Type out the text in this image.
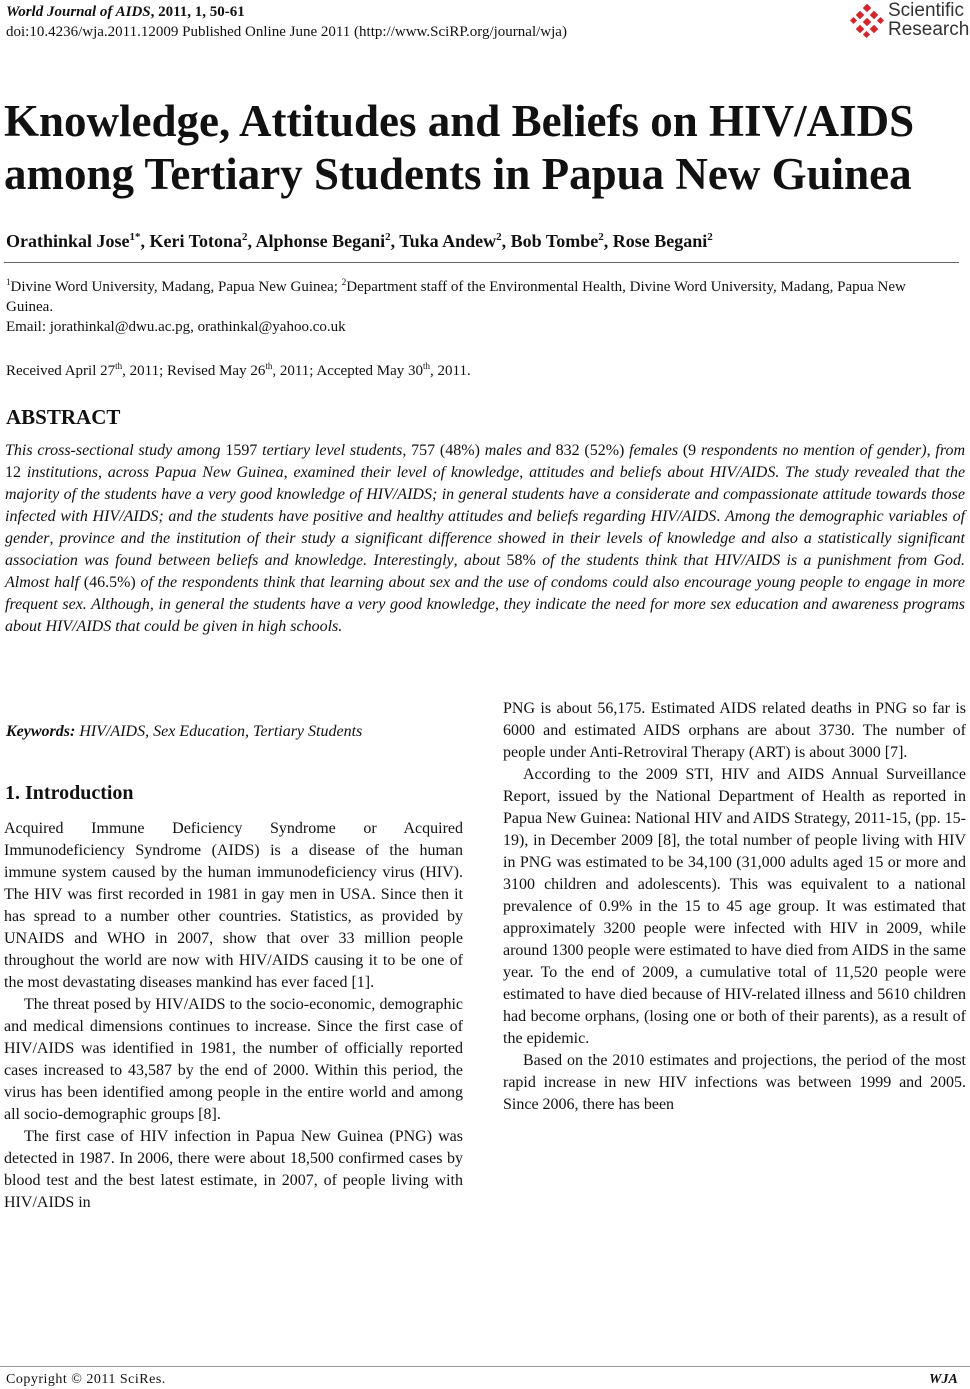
World Journal of AIDS, 2011, 1, 50-61
doi:10.4236/wja.2011.12009 Published Online June 2011 (http://www.SciRP.org/journal/wja)
Scientific
Research
Knowledge, Attitudes and Beliefs on HIV/AIDS
among Tertiary Students in Papua New Guinea
Orathinkal Jose$^{1*}$, Keri Totona$^2$, Alphonse Begani$^2$, Tuka Andew$^2$, Bob Tombe$^2$, Rose Begani$^2$
$^1$Divine Word University, Madang, Papua New Guinea; $^2$Department staff of the Environmental Health, Divine Word University, Madang, Papua New Guinea.
Email: jorathinkal@dwu.ac.pg, orathinkal@yahoo.co.uk
Received April 27th, 2011; Revised May 26th, 2011; Accepted May 30th, 2011.
ABSTRACT
This cross-sectional study among 1597 tertiary level students, 757 (48%) males and 832 (52%) females (9 respondents no mention of gender), from 12 institutions, across Papua New Guinea, examined their level of knowledge, attitudes and beliefs about HIV/AIDS. The study revealed that the majority of the students have a very good knowledge of HIV/AIDS; in general students have a considerate and compassionate attitude towards those infected with HIV/AIDS; and the students have positive and healthy attitudes and beliefs regarding HIV/AIDS. Among the demographic variables of gender, province and the institution of their study a significant difference showed in their levels of knowledge and also a statistically significant association was found between beliefs and knowledge. Interestingly, about 58% of the students think that HIV/AIDS is a punishment from God. Almost half (46.5%) of the respondents think that learning about sex and the use of condoms could also encourage young people to engage in more frequent sex. Although, in general the students have a very good knowledge, they indicate the need for more sex education and awareness programs about HIV/AIDS that could be given in high schools.
Keywords: HIV/AIDS, Sex Education, Tertiary Students
1. Introduction

Acquired Immune Deficiency Syndrome or Acquired Immunodeficiency Syndrome (AIDS) is a disease of the human immune system caused by the human immunodeficiency virus (HIV). The HIV was first recorded in 1981 in gay men in USA. Since then it has spread to a number other countries. Statistics, as provided by UNAIDS and WHO in 2007, show that over 33 million people throughout the world are now with HIV/AIDS causing it to be one of the most devastating diseases mankind has ever faced [1].

The threat posed by HIV/AIDS to the socio-economic, demographic and medical dimensions continues to increase. Since the first case of HIV/AIDS was identified in 1981, the number of officially reported cases increased to 43,587 by the end of 2000. Within this period, the virus has been identified among people in the entire world and among all socio-demographic groups [8].

The first case of HIV infection in Papua New Guinea (PNG) was detected in 1987. In 2006, there were about 18,500 confirmed cases by blood test and the best latest estimate, in 2007, of people living with HIV/AIDS in

PNG is about 56,175. Estimated AIDS related deaths in PNG so far is 6000 and estimated AIDS orphans are about 3730. The number of people under Anti-Retroviral Therapy (ART) is about 3000 [7].

According to the 2009 STI, HIV and AIDS Annual Surveillance Report, issued by the National Department of Health as reported in Papua New Guinea: National HIV and AIDS Strategy, 2011-15, (pp. 15-19), in December 2009 [8], the total number of people living with HIV in PNG was estimated to be 34,100 (31,000 adults aged 15 or more and 3100 children and adolescents). This was equivalent to a national prevalence of 0.9% in the 15 to 45 age group. It was estimated that approximately 3200 people were infected with HIV in 2009, while around 1300 people were estimated to have died from AIDS in the same year. To the end of 2009, a cumulative total of 11,520 people were estimated to have died because of HIV-related illness and 5610 children had become orphans, (losing one or both of their parents), as a result of the epidemic.

Based on the 2010 estimates and projections, the period of the most rapid increase in new HIV infections was between 1999 and 2005. Since 2006, there has been

Copyright © 2011 SciRes.	WJA
